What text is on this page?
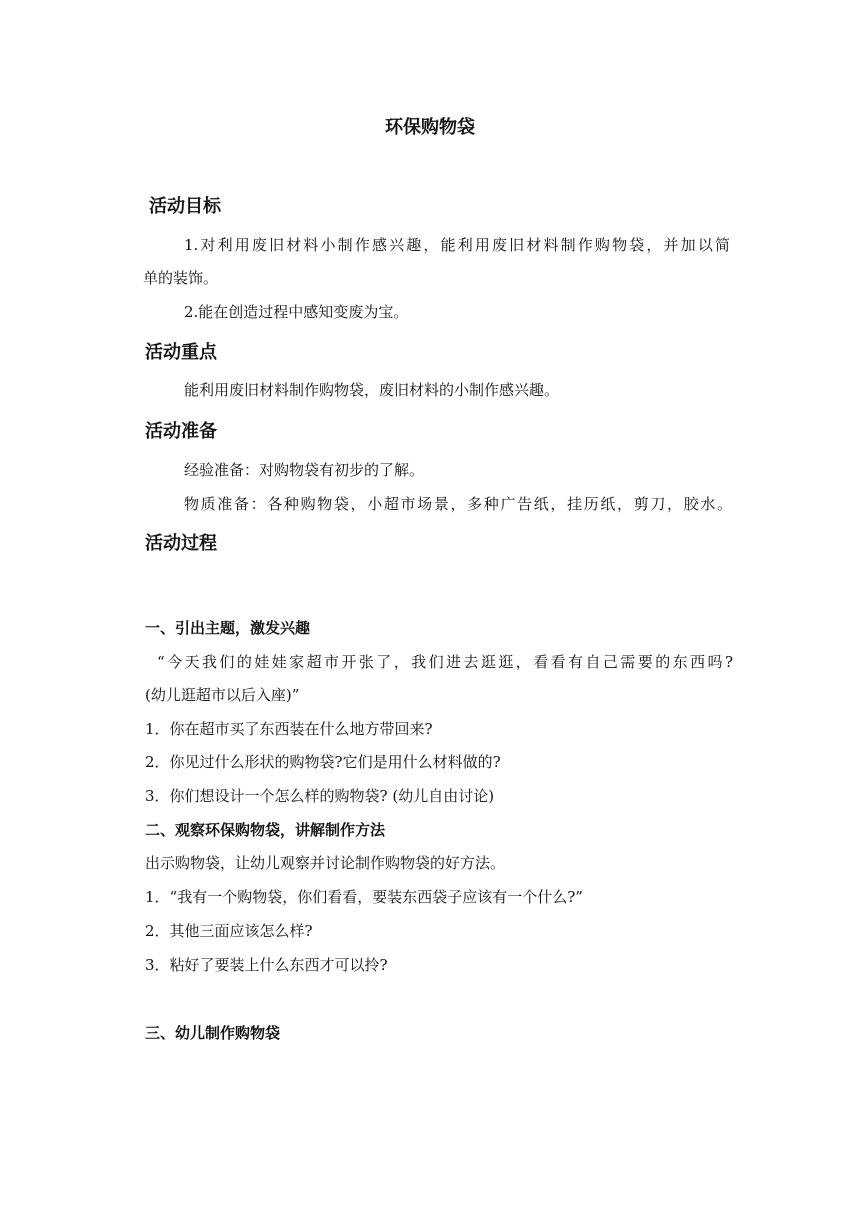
环保购物袋
活动目标
1.对利用废旧材料小制作感兴趣，能利用废旧材料制作购物袋，并加以简
单的装饰。
2.能在创造过程中感知变废为宝。
活动重点
能利用废旧材料制作购物袋，废旧材料的小制作感兴趣。
活动准备
经验准备：对购物袋有初步的了解。
物质准备：各种购物袋，小超市场景，多种广告纸，挂历纸，剪刀，胶水。
活动过程
一、引出主题，激发兴趣
“今天我们的娃娃家超市开张了，我们进去逛逛，看看有自己需要的东西吗?
(幼儿逛超市以后入座)”
1．你在超市买了东西装在什么地方带回来?
2．你见过什么形状的购物袋?它们是用什么材料做的?
3．你们想设计一个怎么样的购物袋? (幼儿自由讨论)
二、观察环保购物袋，讲解制作方法
出示购物袋，让幼儿观察并讨论制作购物袋的好方法。
1．“我有一个购物袋，你们看看，要装东西袋子应该有一个什么?”
2．其他三面应该怎么样?
3．粘好了要装上什么东西才可以拎?
三、幼儿制作购物袋
